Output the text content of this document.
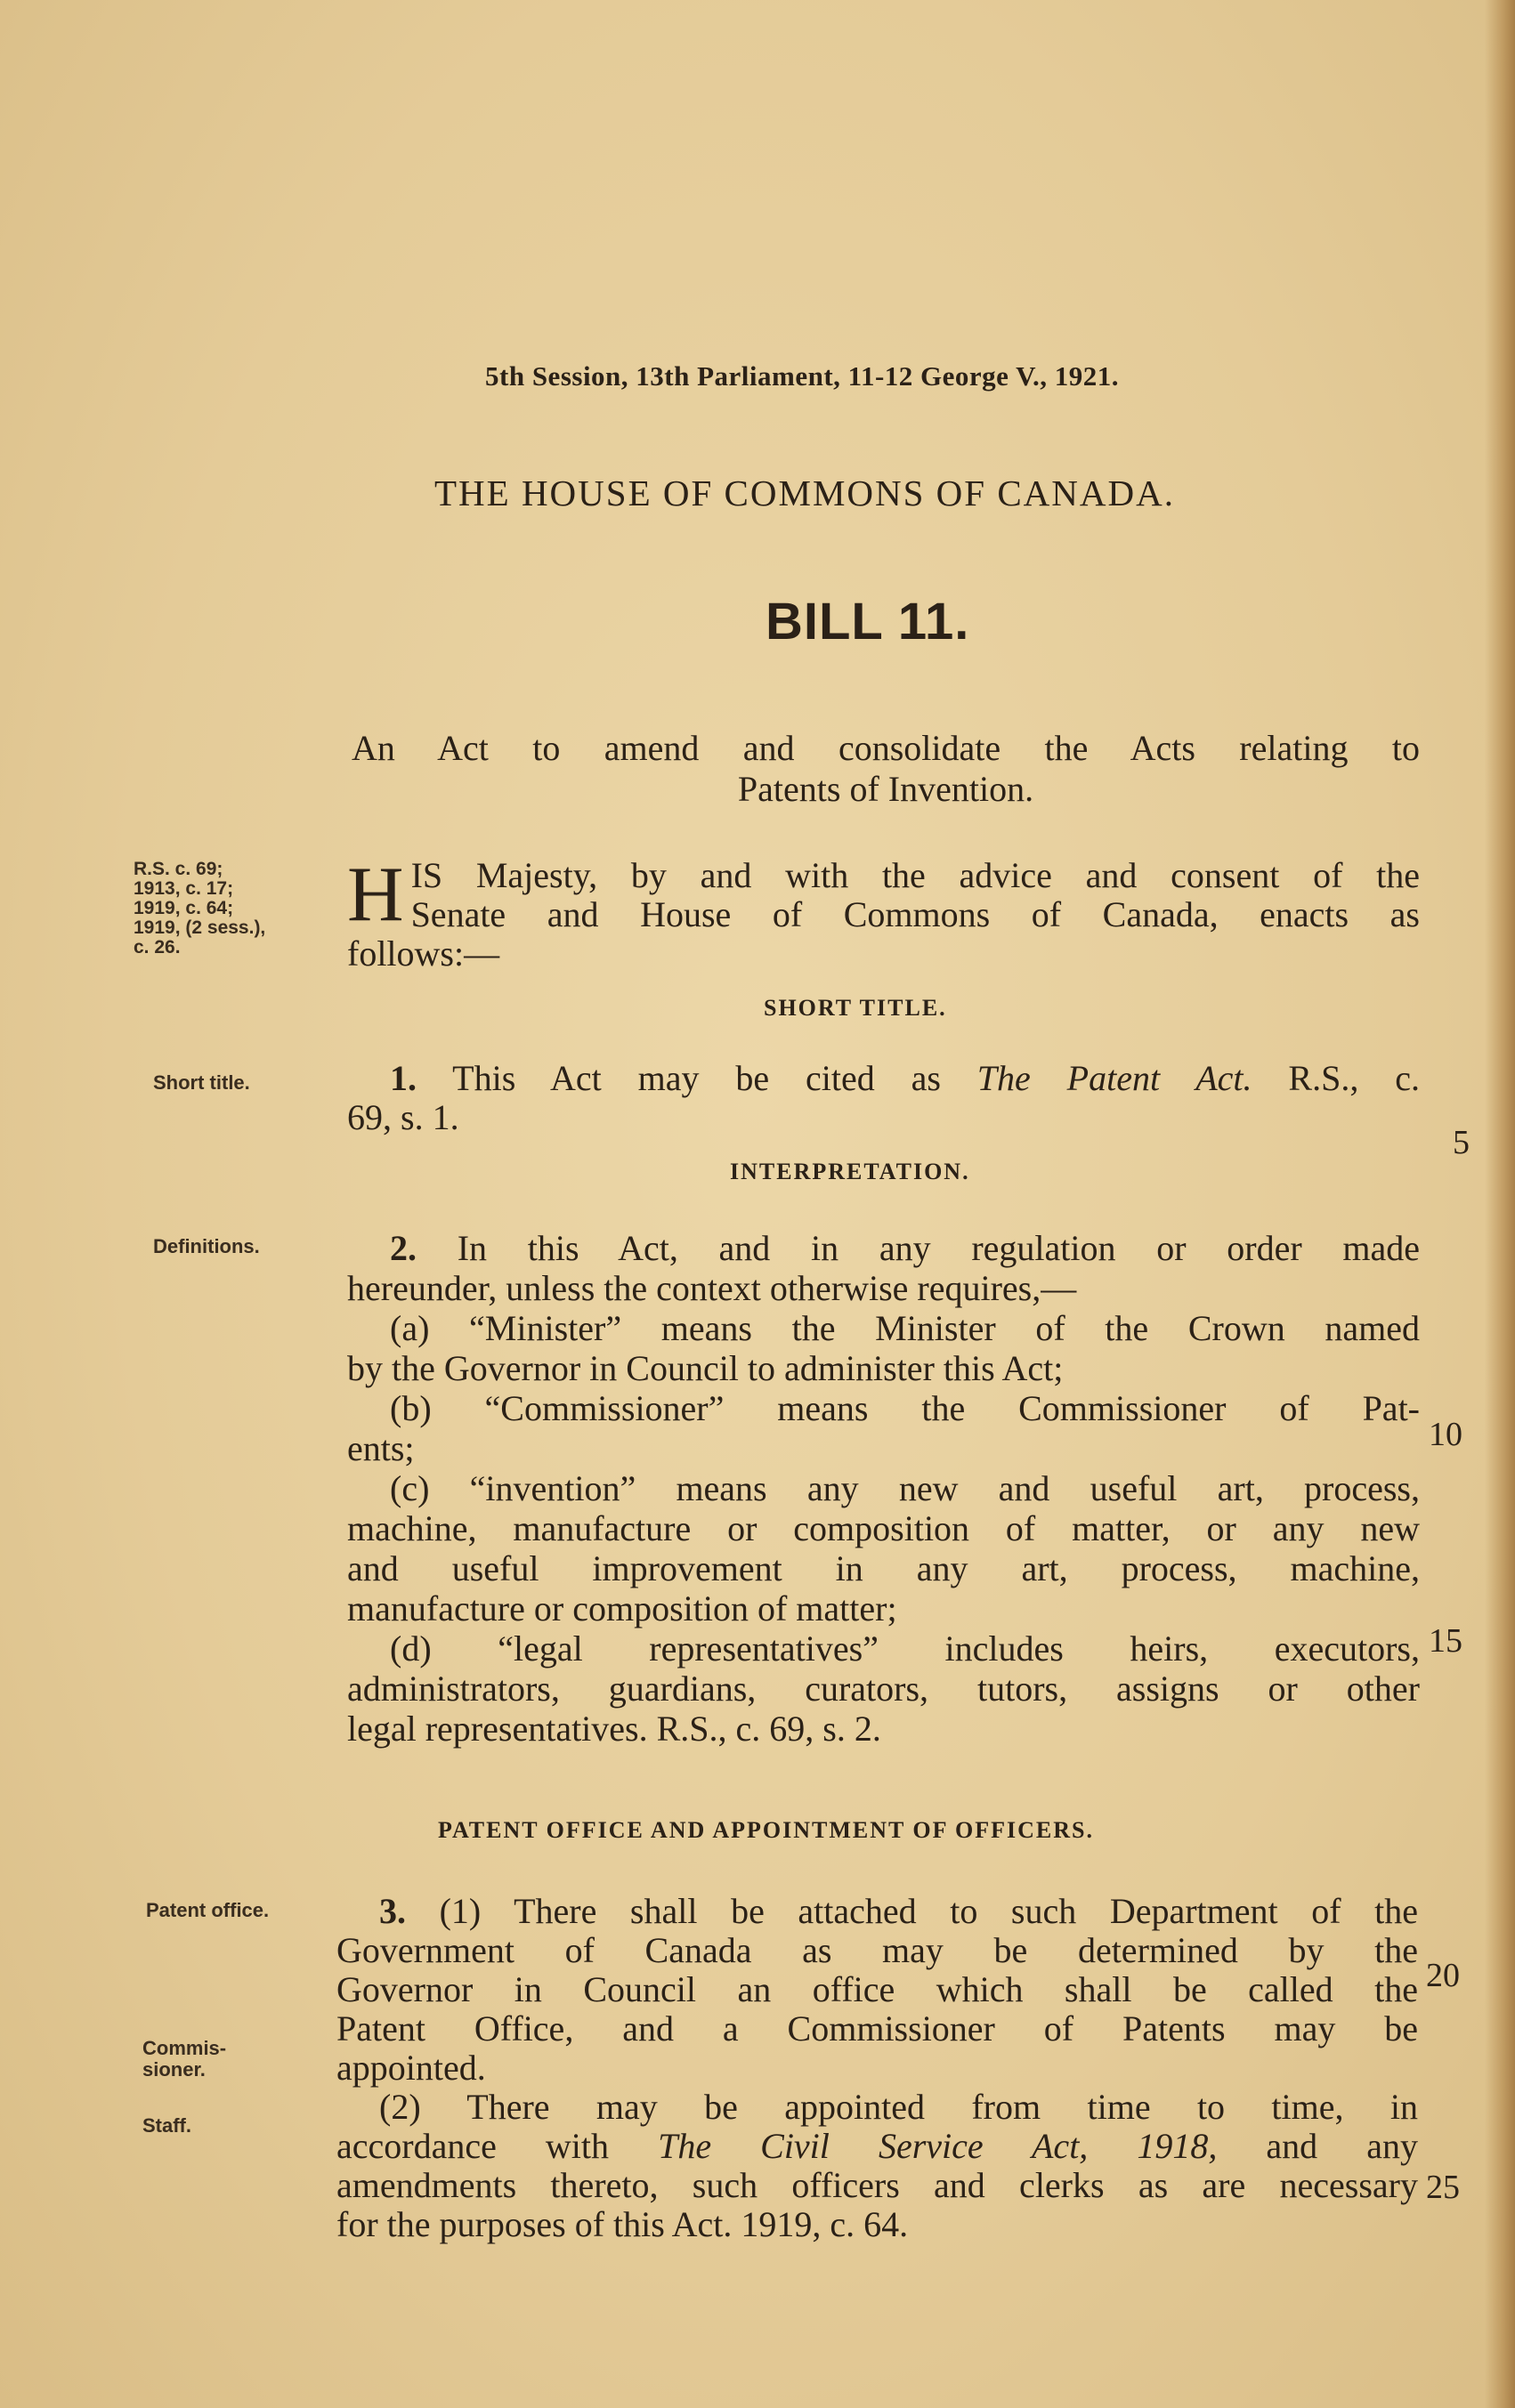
5th Session, 13th Parliament, 11-12 George V., 1921.
THE HOUSE OF COMMONS OF CANADA.
BILL 11.
An Act to amend and consolidate the Acts relating to
Patents of Invention.
R.S. c. 69;
1913, c. 17;
1919, c. 64;
1919, (2 sess.),
c. 26.
Short title.
Definitions.
Patent office.
Commis-
sioner.
Staff.
H IS Majesty, by and with the advice and consent of the
Senate and House of Commons of Canada, enacts as
follows:—
SHORT TITLE.
1. This Act may be cited as The Patent Act. R.S., c.
69, s. 1.
INTERPRETATION.
2. In this Act, and in any regulation or order made
hereunder, unless the context otherwise requires,—
(a) “Minister” means the Minister of the Crown named
by the Governor in Council to administer this Act;
(b) “Commissioner” means the Commissioner of Pat-
ents;
(c) “invention” means any new and useful art, process,
machine, manufacture or composition of matter, or any new
and useful improvement in any art, process, machine,
manufacture or composition of matter;
(d) “legal representatives” includes heirs, executors,
administrators, guardians, curators, tutors, assigns or other
legal representatives. R.S., c. 69, s. 2.
PATENT OFFICE AND APPOINTMENT OF OFFICERS.
3. (1) There shall be attached to such Department of the
Government of Canada as may be determined by the
Governor in Council an office which shall be called the
Patent Office, and a Commissioner of Patents may be
appointed.
(2) There may be appointed from time to time, in
accordance with The Civil Service Act, 1918, and any
amendments thereto, such officers and clerks as are necessary
for the purposes of this Act. 1919, c. 64.
5
10
15
20
25
